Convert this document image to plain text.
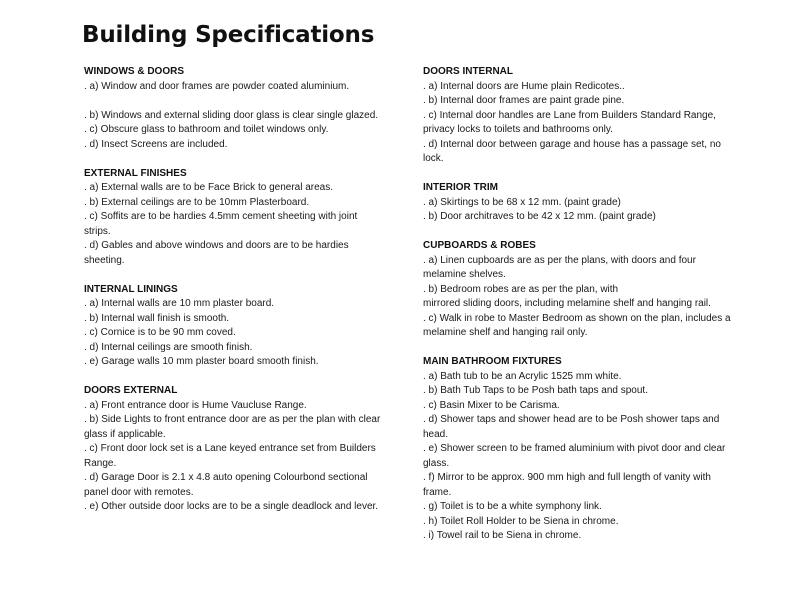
Building Specifications
WINDOWS & DOORS
. a) Window and door frames are powder coated aluminium.
. b) Windows and external sliding door glass is clear single glazed.
. c) Obscure glass to bathroom and toilet windows only.
. d) Insect Screens are included.
EXTERNAL FINISHES
. a) External walls are to be Face Brick to general areas.
. b) External ceilings are to be 10mm Plasterboard.
. c) Soffits are to be hardies 4.5mm cement sheeting with joint strips.
. d) Gables and above windows and doors are to be hardies sheeting.
INTERNAL LININGS
. a) Internal walls are 10 mm plaster board.
. b) Internal wall finish is smooth.
. c) Cornice is to be 90 mm coved.
. d) Internal ceilings are smooth finish.
. e) Garage walls 10 mm plaster board smooth finish.
DOORS EXTERNAL
. a) Front entrance door is Hume Vaucluse Range.
. b) Side Lights to front entrance door are as per the plan with clear glass if applicable.
. c) Front door lock set is a Lane keyed entrance set from Builders Range.
. d) Garage Door is 2.1 x 4.8 auto opening Colourbond sectional panel door with remotes.
. e) Other outside door locks are to be a single deadlock and lever.
DOORS INTERNAL
. a) Internal doors are Hume plain Redicotes..
. b) Internal door frames are paint grade pine.
. c) Internal door handles are Lane from Builders Standard Range, privacy locks to toilets and bathrooms only.
. d) Internal door between garage and house has a passage set, no lock.
INTERIOR TRIM
. a) Skirtings to be 68 x 12 mm. (paint grade)
. b) Door architraves to be 42 x 12 mm. (paint grade)
CUPBOARDS & ROBES
. a) Linen cupboards are as per the plans, with doors and four melamine shelves.
. b) Bedroom robes are as per the plan, with
mirrored sliding doors, including melamine shelf and hanging rail.
. c) Walk in robe to Master Bedroom as shown on the plan, includes a melamine shelf and hanging rail only.
MAIN BATHROOM FIXTURES
. a) Bath tub to be an Acrylic 1525 mm white.
. b) Bath Tub Taps to be Posh bath taps and spout.
. c) Basin Mixer to be Carisma.
. d) Shower taps and shower head are to be Posh shower taps and head.
. e) Shower screen to be framed aluminium with pivot door and clear glass.
. f) Mirror to be approx. 900 mm high and full length of vanity with frame.
. g) Toilet is to be a white symphony link.
. h) Toilet Roll Holder to be Siena in chrome.
. i) Towel rail to be Siena in chrome.
